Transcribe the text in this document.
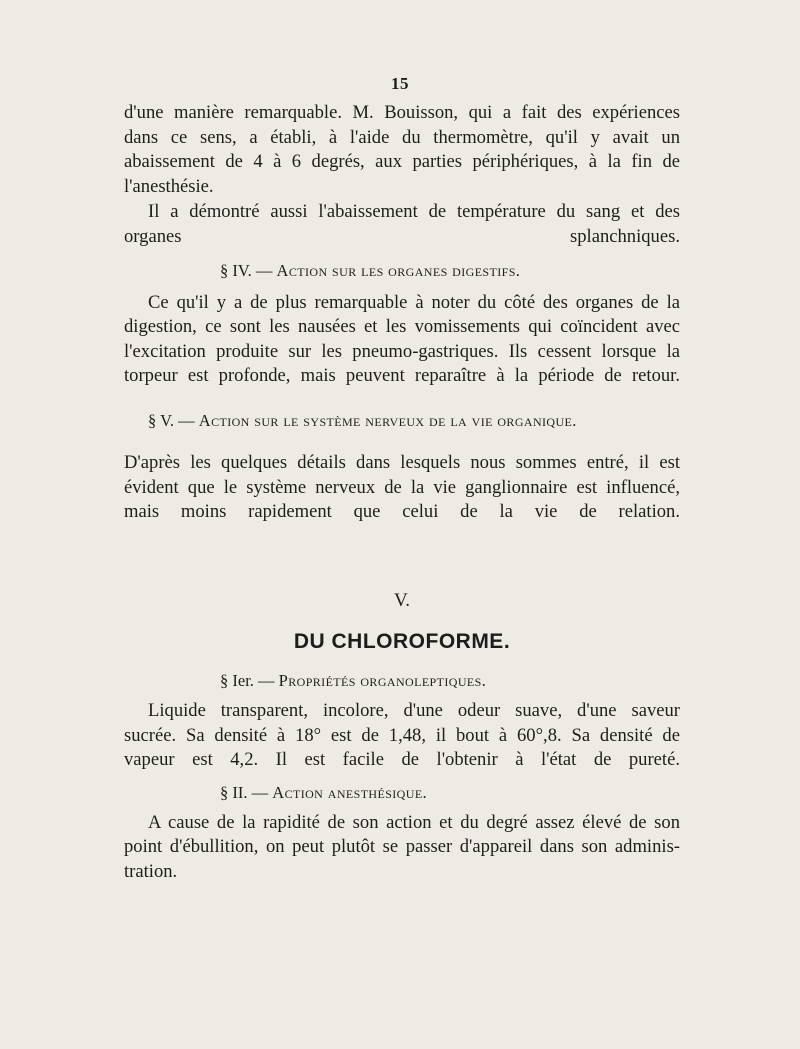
15
d'une manière remarquable. M. Bouisson, qui a fait des expériences
dans ce sens, a établi, à l'aide du thermomètre, qu'il y avait un
abaissement de 4 à 6 degrés, aux parties périphériques, à la fin de
l'anesthésie.
Il a démontré aussi l'abaissement de température du sang et des
organes splanchniques.
§ IV. — Action sur les organes digestifs.
Ce qu'il y a de plus remarquable à noter du côté des organes de la
digestion, ce sont les nausées et les vomissements qui coïncident avec
l'excitation produite sur les pneumo-gastriques. Ils cessent lorsque la
torpeur est profonde, mais peuvent reparaître à la période de retour.
§ V. — Action sur le système nerveux de la vie organique.
D'après les quelques détails dans lesquels nous sommes entré, il est
évident que le système nerveux de la vie ganglionnaire est influencé,
mais moins rapidement que celui de la vie de relation.
V.
DU CHLOROFORME.
§ Ier. — Propriétés organoleptiques.
Liquide transparent, incolore, d'une odeur suave, d'une saveur
sucrée. Sa densité à 18° est de 1,48, il bout à 60°,8. Sa densité de
vapeur est 4,2. Il est facile de l'obtenir à l'état de pureté.
§ II. — Action anesthésique.
A cause de la rapidité de son action et du degré assez élevé de son
point d'ébullition, on peut plutôt se passer d'appareil dans son adminis-
tration.
